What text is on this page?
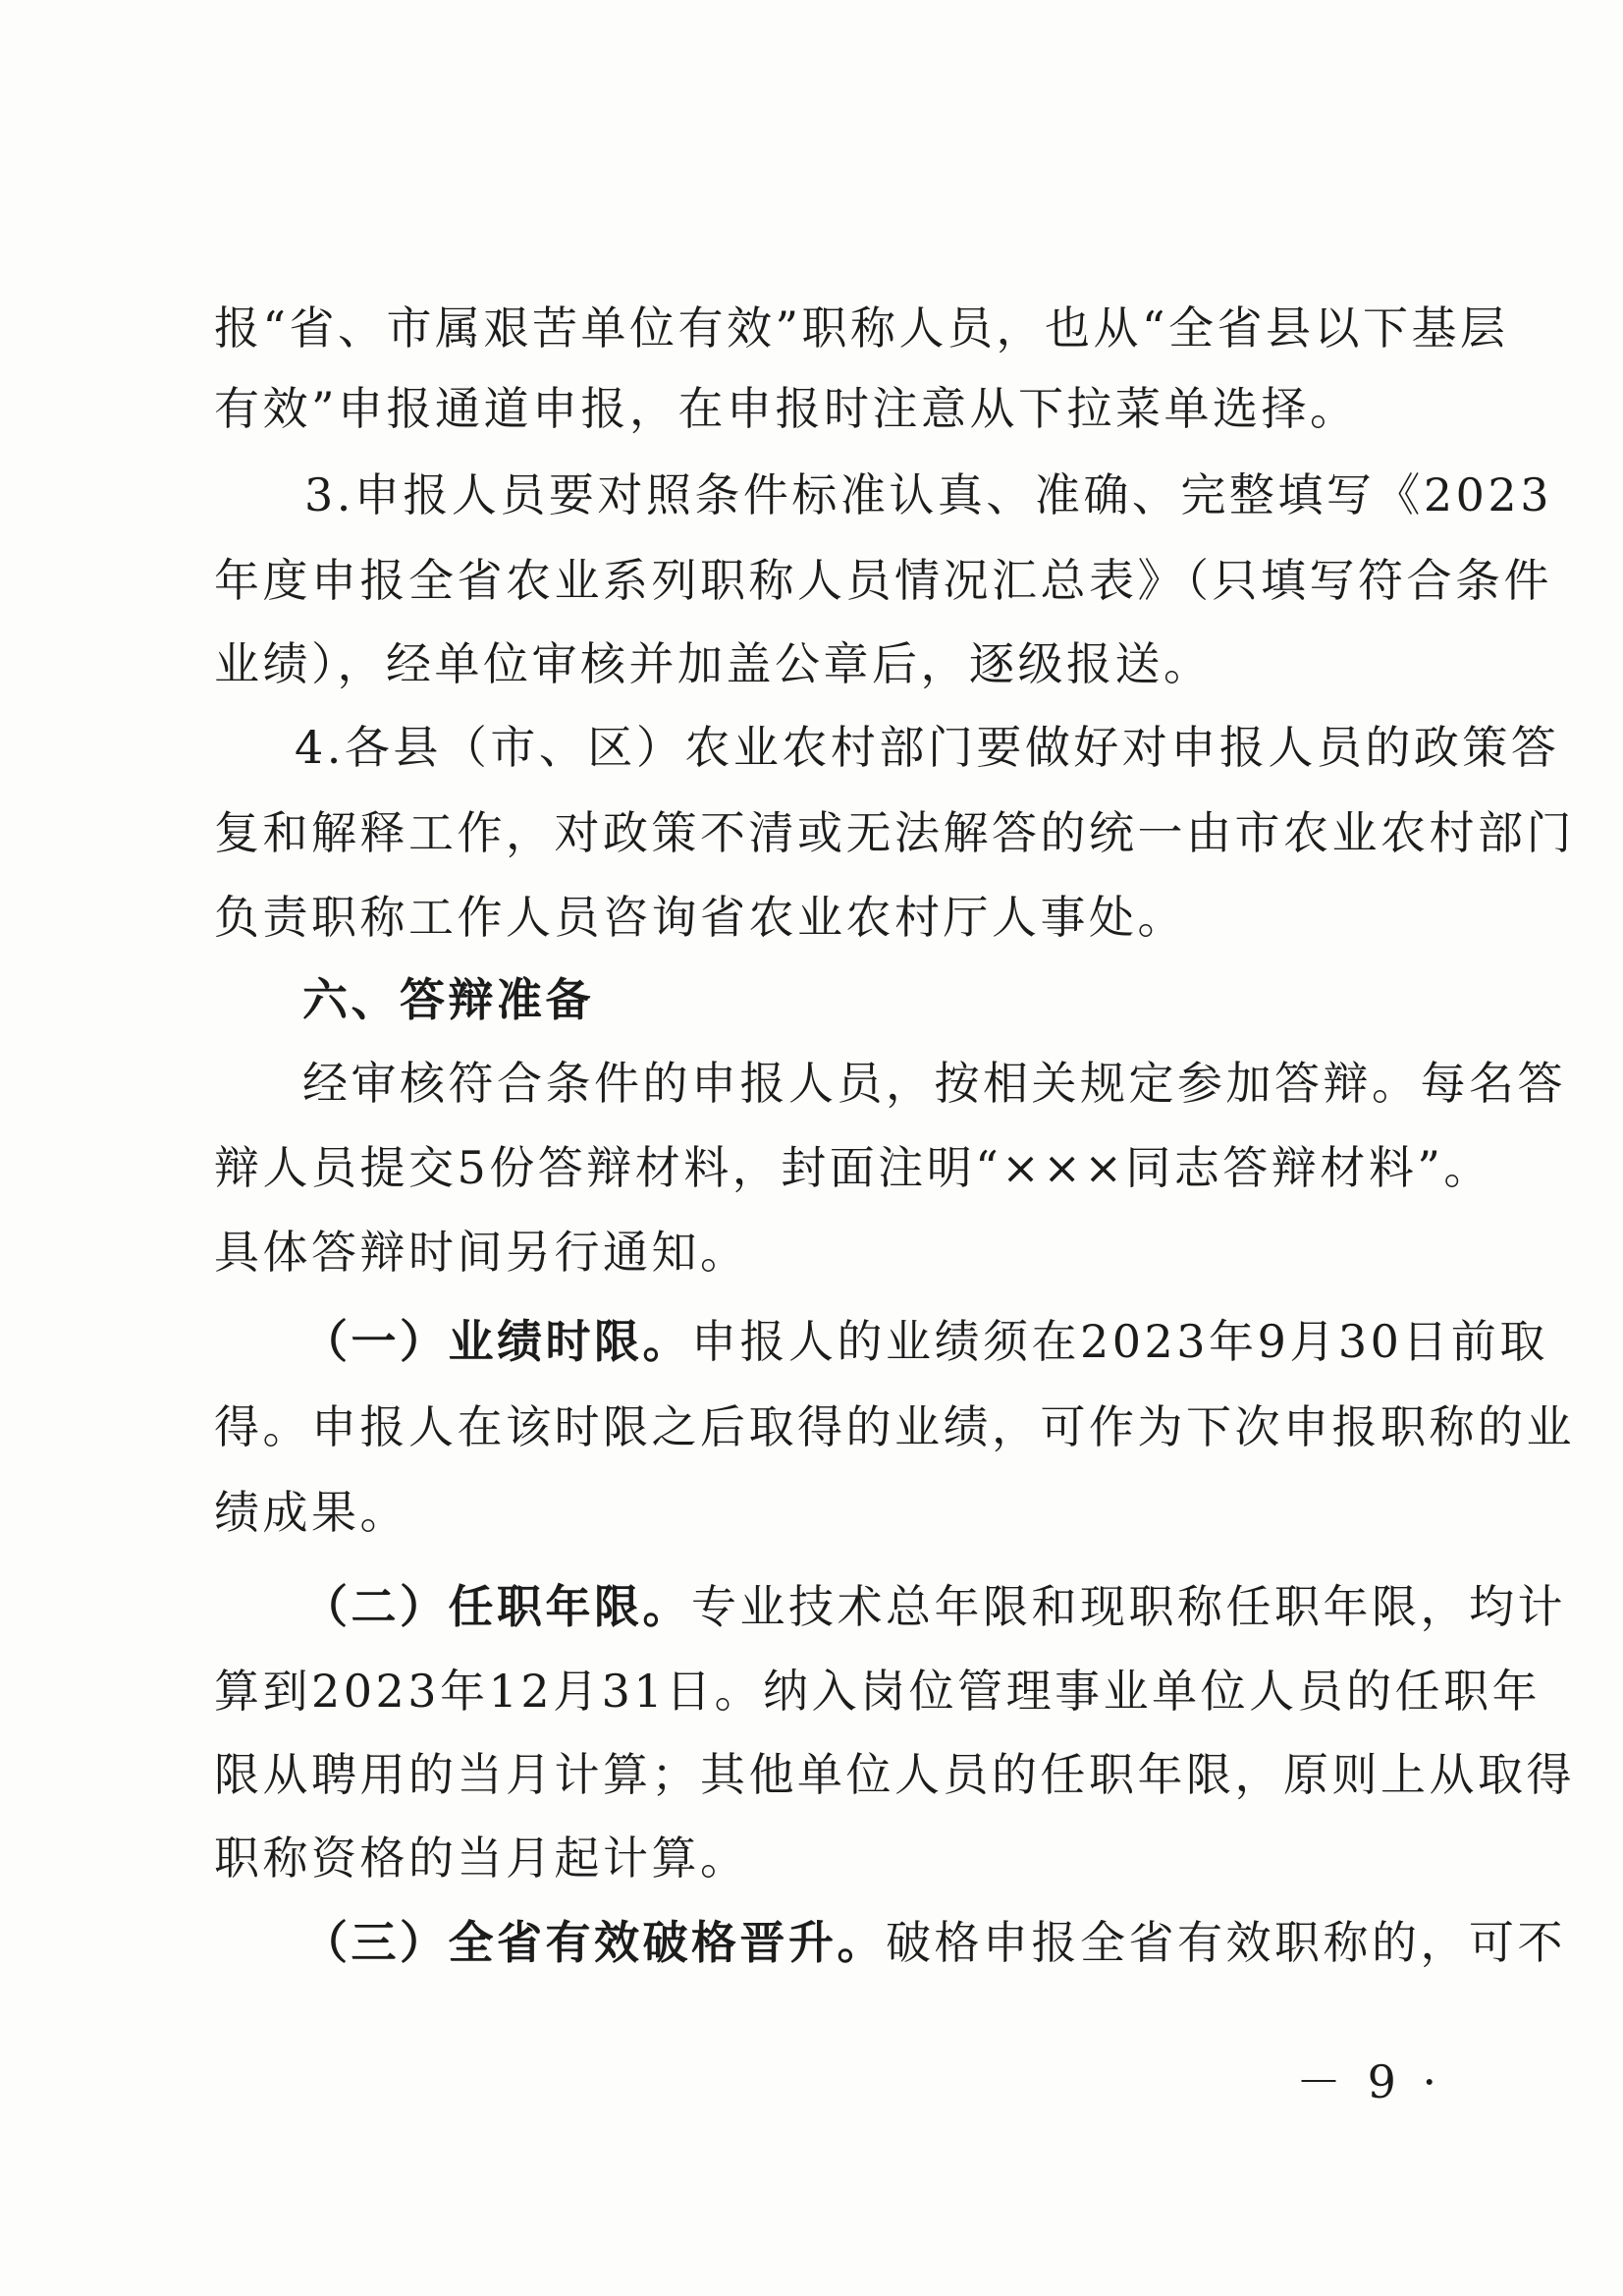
报“省、市属艰苦单位有效”职称人员，也从“全省县以下基层
有效”申报通道申报，在申报时注意从下拉菜单选择。
3.申报人员要对照条件标准认真、准确、完整填写《2023
年度申报全省农业系列职称人员情况汇总表》（只填写符合条件
业绩），经单位审核并加盖公章后，逐级报送。
4.各县（市、区）农业农村部门要做好对申报人员的政策答
复和解释工作，对政策不清或无法解答的统一由市农业农村部门
负责职称工作人员咨询省农业农村厅人事处。
六、答辩准备
经审核符合条件的申报人员，按相关规定参加答辩。每名答
辩人员提交5份答辩材料，封面注明“×××同志答辩材料”。
具体答辩时间另行通知。
（一）业绩时限。 申报人的业绩须在2023年9月30日前取
得。申报人在该时限之后取得的业绩，可作为下次申报职称的业
绩成果。
（二）任职年限。 专业技术总年限和现职称任职年限，均计
算到2023年12月31日。纳入岗位管理事业单位人员的任职年
限从聘用的当月计算；其他单位人员的任职年限，原则上从取得
职称资格的当月起计算。
（三）全省有效破格晋升。 破格申报全省有效职称的，可不
－ 9 ·
